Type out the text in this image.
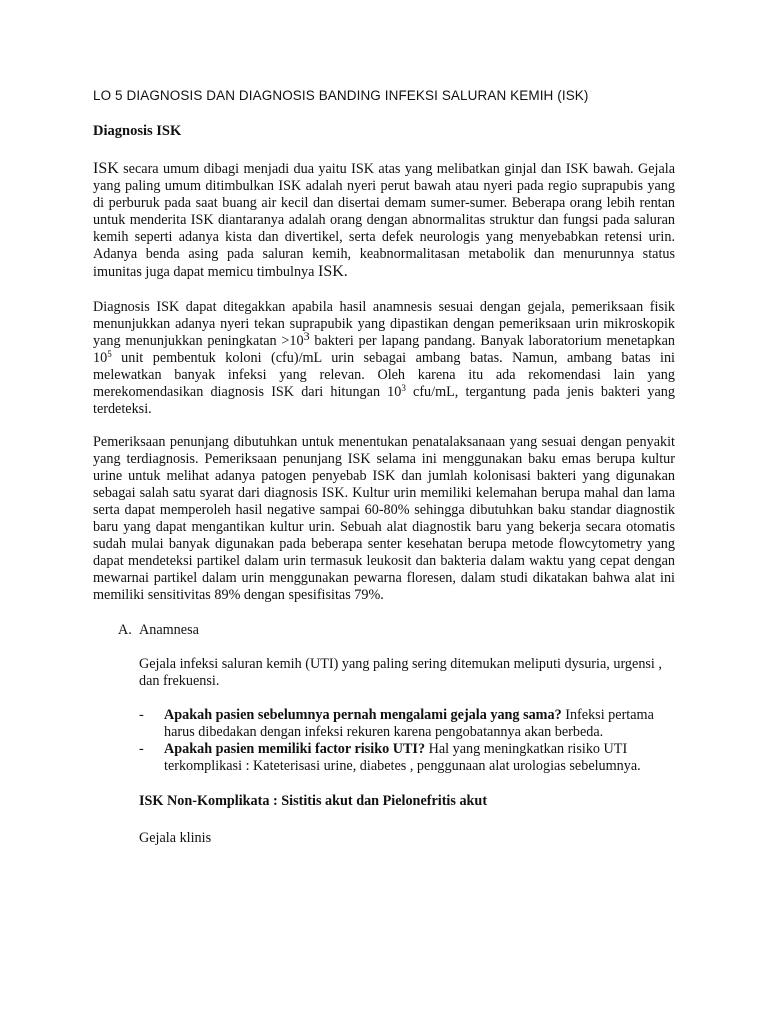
LO 5 DIAGNOSIS DAN DIAGNOSIS BANDING INFEKSI SALURAN KEMIH (ISK)
Diagnosis ISK

ISK secara umum dibagi menjadi dua yaitu ISK atas yang melibatkan ginjal dan ISK bawah. Gejala yang paling umum ditimbulkan ISK adalah nyeri perut bawah atau nyeri pada regio suprapubis yang di perburuk pada saat buang air kecil dan disertai demam sumer-sumer. Beberapa orang lebih rentan untuk menderita ISK diantaranya adalah orang dengan abnormalitas struktur dan fungsi pada saluran kemih seperti adanya kista dan divertikel, serta defek neurologis yang menyebabkan retensi urin. Adanya benda asing pada saluran kemih, keabnormalitasan metabolik dan menurunnya status imunitas juga dapat memicu timbulnya ISK.

Diagnosis ISK dapat ditegakkan apabila hasil anamnesis sesuai dengan gejala, pemeriksaan fisik menunjukkan adanya nyeri tekan suprapubik yang dipastikan dengan pemeriksaan urin mikroskopik yang menunjukkan peningkatan $>10^3$ bakteri per lapang pandang. Banyak laboratorium menetapkan $10^5$ unit pembentuk koloni (cfu)/mL urin sebagai ambang batas. Namun, ambang batas ini melewatkan banyak infeksi yang relevan. Oleh karena itu ada rekomendasi lain yang merekomendasikan diagnosis ISK dari hitungan $10^3$ cfu/mL, tergantung pada jenis bakteri yang terdeteksi.

Pemeriksaan penunjang dibutuhkan untuk menentukan penatalaksanaan yang sesuai dengan penyakit yang terdiagnosis. Pemeriksaan penunjang ISK selama ini menggunakan baku emas berupa kultur urine untuk melihat adanya patogen penyebab ISK dan jumlah kolonisasi bakteri yang digunakan sebagai salah satu syarat dari diagnosis ISK. Kultur urin memiliki kelemahan berupa mahal dan lama serta dapat memperoleh hasil negative sampai 60-80% sehingga dibutuhkan baku standar diagnostik baru yang dapat mengantikan kultur urin. Sebuah alat diagnostik baru yang bekerja secara otomatis sudah mulai banyak digunakan pada beberapa senter kesehatan berupa metode flowcytometry yang dapat mendeteksi partikel dalam urin termasuk leukosit dan bakteria dalam waktu yang cepat dengan mewarnai partikel dalam urin menggunakan pewarna floresen, dalam studi dikatakan bahwa alat ini memiliki sensitivitas 89% dengan spesifisitas 79%.

A. Anamnesa
Gejala infeksi saluran kemih (UTI) yang paling sering ditemukan meliputi dysuria, urgensi , dan frekuensi.
- Apakah pasien sebelumnya pernah mengalami gejala yang sama? Infeksi pertama harus dibedakan dengan infeksi rekuren karena pengobatannya akan berbeda.
- Apakah pasien memiliki factor risiko UTI? Hal yang meningkatkan risiko UTI terkomplikasi : Kateterisasi urine, diabetes , penggunaan alat urologias sebelumnya.
ISK Non-Komplikata : Sistitis akut dan Pielonefritis akut
Gejala klinis
